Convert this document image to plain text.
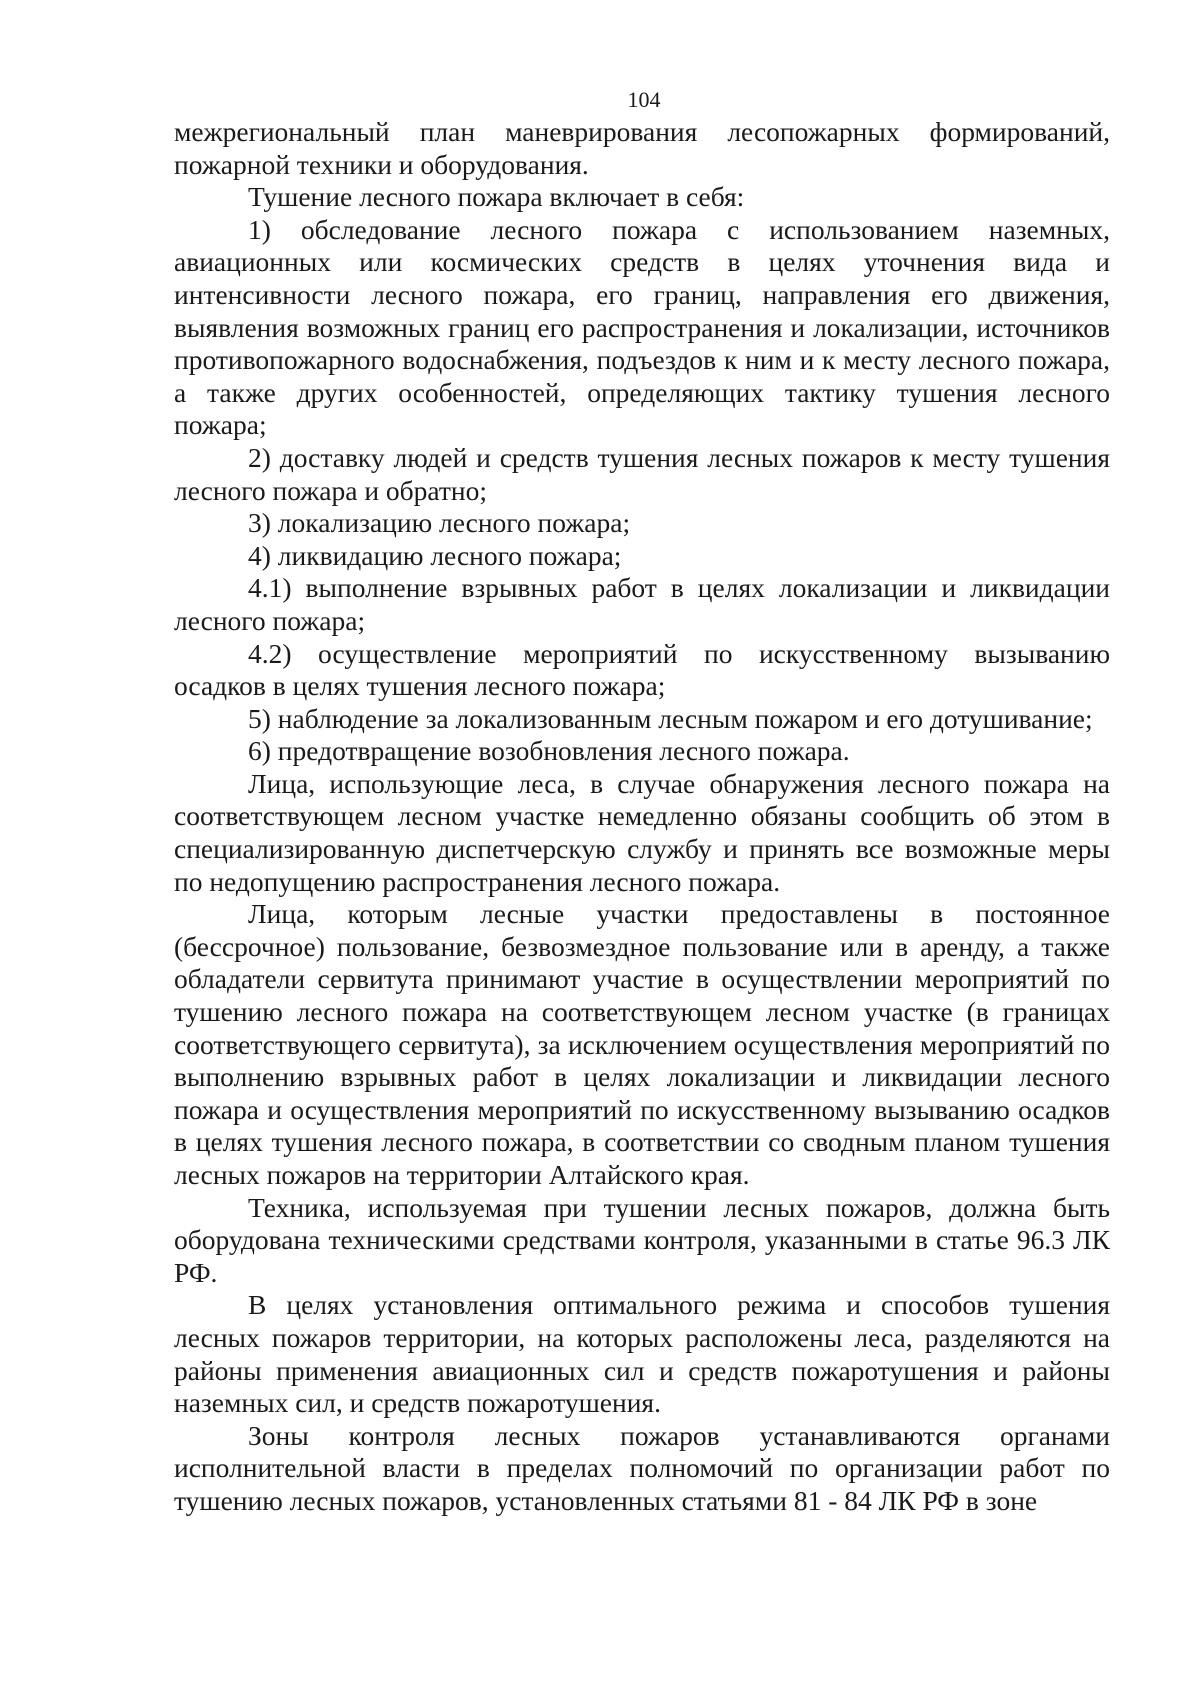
104

межрегиональный план маневрирования лесопожарных формирований, пожарной техники и оборудования.

Тушение лесного пожара включает в себя:

1) обследование лесного пожара с использованием наземных, авиационных или космических средств в целях уточнения вида и интенсивности лесного пожара, его границ, направления его движения, выявления возможных границ его распространения и локализации, источников противопожарного водоснабжения, подъездов к ним и к месту лесного пожара, а также других особенностей, определяющих тактику тушения лесного пожара;

2) доставку людей и средств тушения лесных пожаров к месту тушения лесного пожара и обратно;

3) локализацию лесного пожара;

4) ликвидацию лесного пожара;

4.1) выполнение взрывных работ в целях локализации и ликвидации лесного пожара;

4.2) осуществление мероприятий по искусственному вызыванию осадков в целях тушения лесного пожара;

5) наблюдение за локализованным лесным пожаром и его дотушивание;

6) предотвращение возобновления лесного пожара.

Лица, использующие леса, в случае обнаружения лесного пожара на соответствующем лесном участке немедленно обязаны сообщить об этом в специализированную диспетчерскую службу и принять все возможные меры по недопущению распространения лесного пожара.

Лица, которым лесные участки предоставлены в постоянное (бессрочное) пользование, безвозмездное пользование или в аренду, а также обладатели сервитута принимают участие в осуществлении мероприятий по тушению лесного пожара на соответствующем лесном участке (в границах соответствующего сервитута), за исключением осуществления мероприятий по выполнению взрывных работ в целях локализации и ликвидации лесного пожара и осуществления мероприятий по искусственному вызыванию осадков в целях тушения лесного пожара, в соответствии со сводным планом тушения лесных пожаров на территории Алтайского края.

Техника, используемая при тушении лесных пожаров, должна быть оборудована техническими средствами контроля, указанными в статье 96.3 ЛК РФ.

В целях установления оптимального режима и способов тушения лесных пожаров территории, на которых расположены леса, разделяются на районы применения авиационных сил и средств пожаротушения и районы наземных сил, и средств пожаротушения.

Зоны контроля лесных пожаров устанавливаются органами исполнительной власти в пределах полномочий по организации работ по тушению лесных пожаров, установленных статьями 81 - 84 ЛК РФ в зоне
